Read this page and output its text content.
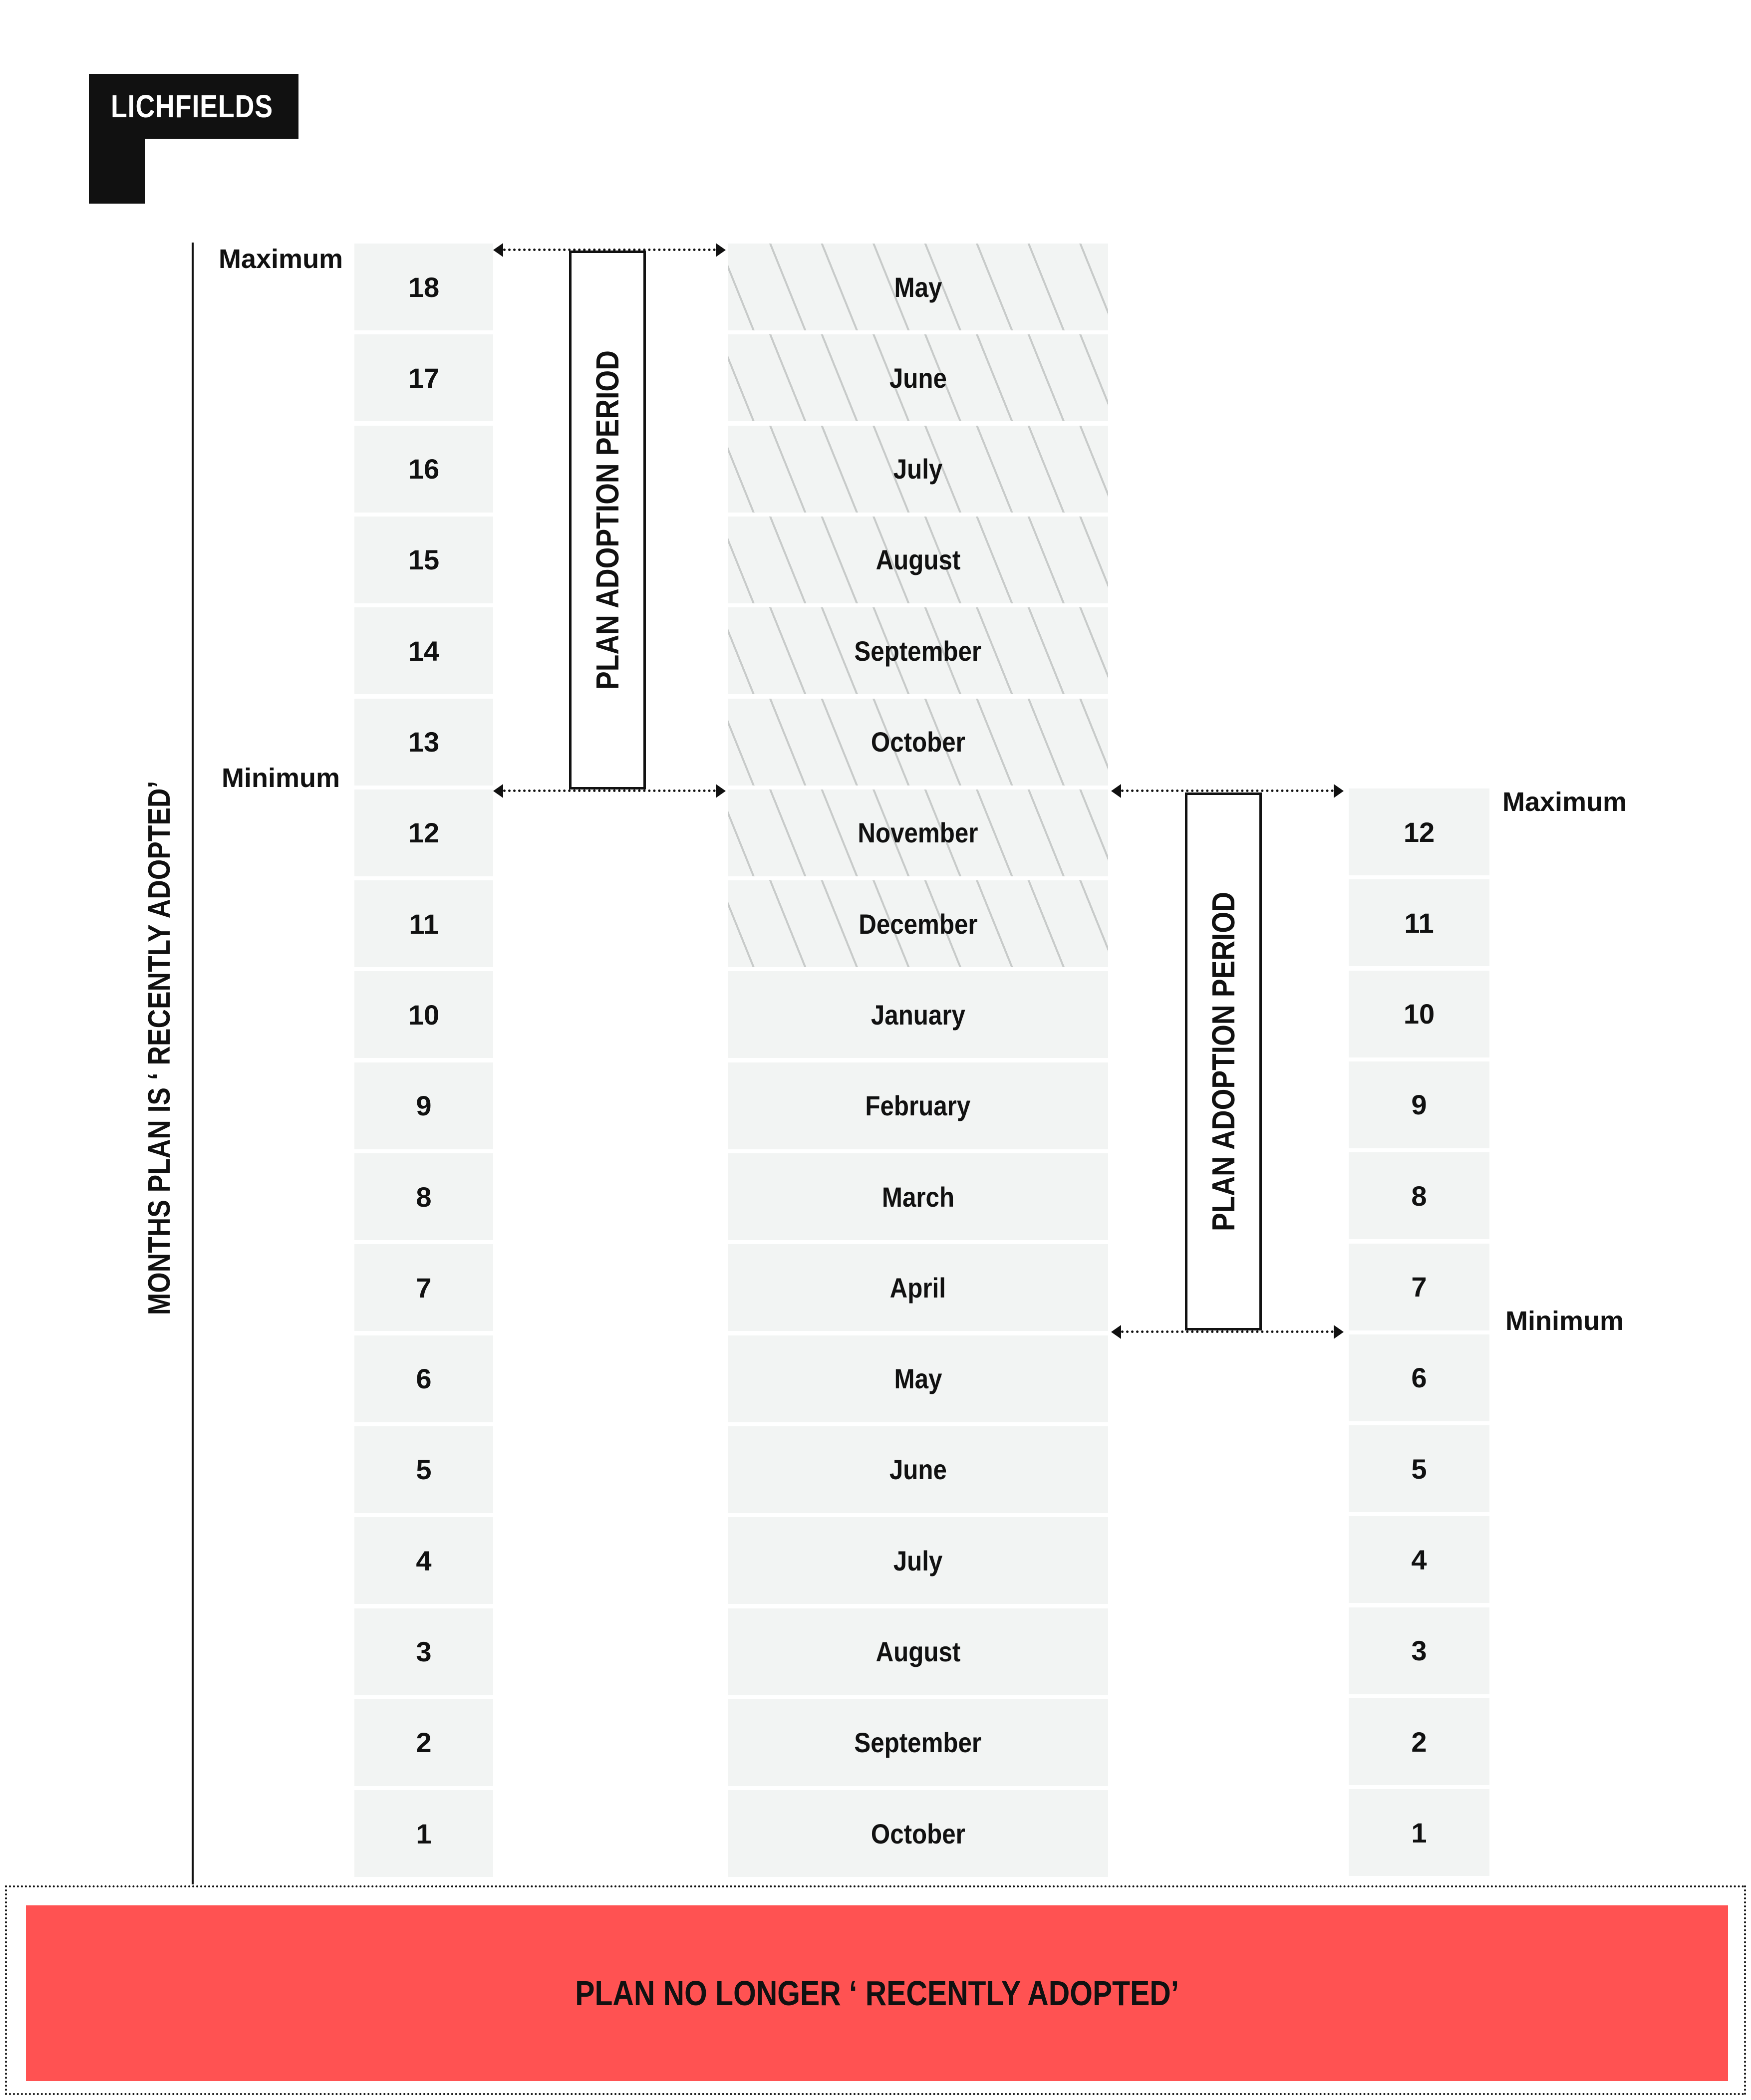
LICHFIELDS
MONTHS PLAN IS ‘ RECENTLY ADOPTED’
18
17
16
15
14
13
12
11
10
9
8
7
6
5
4
3
2
1
Maximum
Minimum
May
June
July
August
September
October
November
December
January
February
March
April
May
June
July
August
September
October
12
11
10
9
8
7
6
5
4
3
2
1
Maximum
Minimum
PLAN ADOPTION PERIOD
PLAN ADOPTION PERIOD
PLAN NO LONGER ‘ RECENTLY ADOPTED’
